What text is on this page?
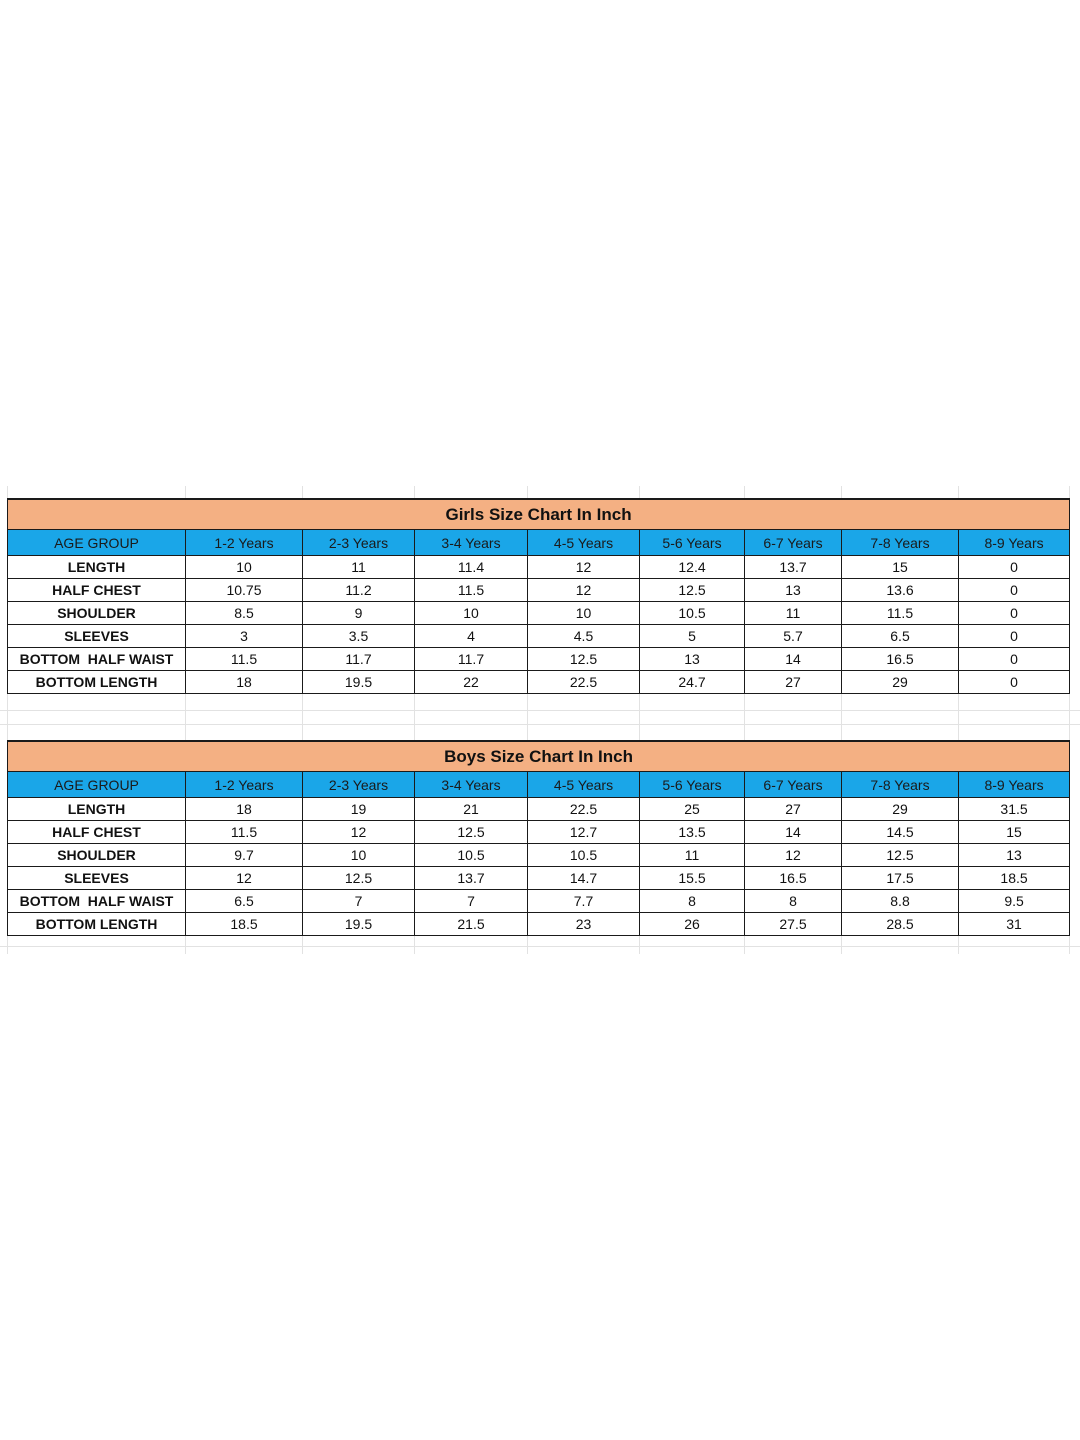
Girls Size Chart In Inch								
AGE GROUP	1-2 Years	2-3 Years	3-4 Years	4-5 Years	5-6 Years	6-7 Years	7-8 Years	8-9 Years
LENGTH	10	11	11.4	12	12.4	13.7	15	0
HALF CHEST	10.75	11.2	11.5	12	12.5	13	13.6	0
SHOULDER	8.5	9	10	10	10.5	11	11.5	0
SLEEVES	3	3.5	4	4.5	5	5.7	6.5	0
BOTTOM  HALF WAIST	11.5	11.7	11.7	12.5	13	14	16.5	0
BOTTOM LENGTH	18	19.5	22	22.5	24.7	27	29	0
Boys Size Chart In Inch								
AGE GROUP	1-2 Years	2-3 Years	3-4 Years	4-5 Years	5-6 Years	6-7 Years	7-8 Years	8-9 Years
LENGTH	18	19	21	22.5	25	27	29	31.5
HALF CHEST	11.5	12	12.5	12.7	13.5	14	14.5	15
SHOULDER	9.7	10	10.5	10.5	11	12	12.5	13
SLEEVES	12	12.5	13.7	14.7	15.5	16.5	17.5	18.5
BOTTOM  HALF WAIST	6.5	7	7	7.7	8	8	8.8	9.5
BOTTOM LENGTH	18.5	19.5	21.5	23	26	27.5	28.5	31
